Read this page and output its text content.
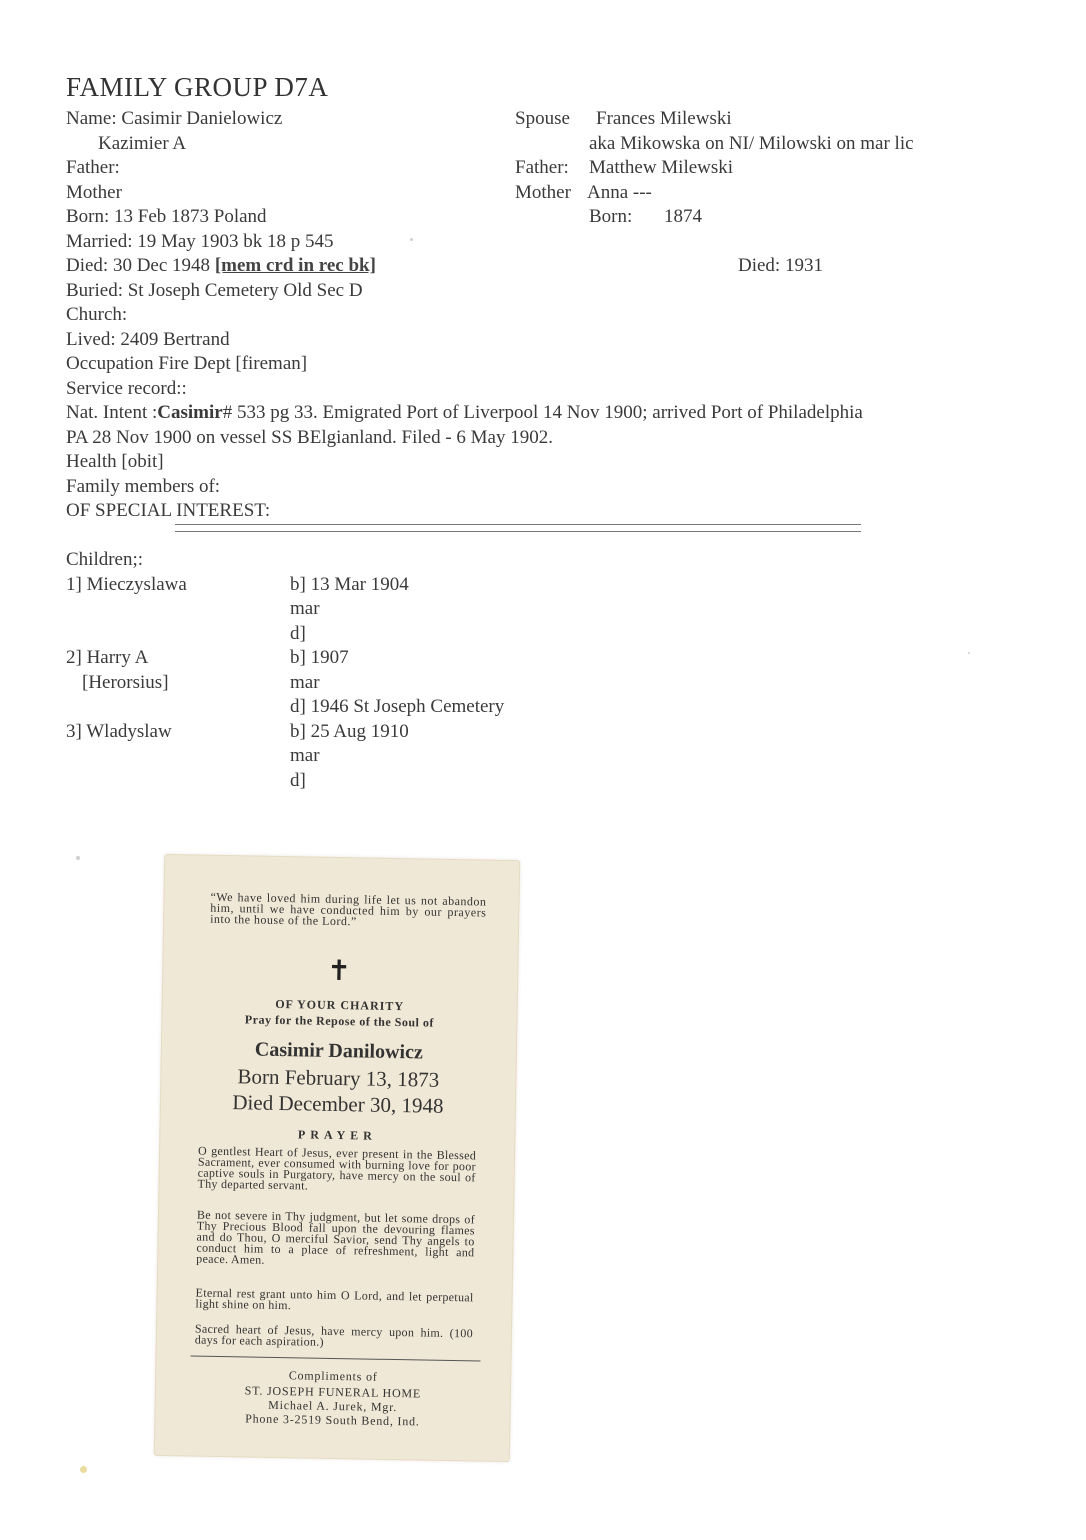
FAMILY GROUP D7A
Name: Casimir Danielowicz
Kazimier A
Father:
Mother
Born: 13 Feb 1873 Poland
Married: 19 May 1903 bk 18 p 545
Died: 30 Dec 1948 [mem crd in rec bk]
Buried: St Joseph Cemetery Old Sec D
Church:
Lived: 2409 Bertrand
Occupation Fire Dept [fireman]
Service record::
Nat. Intent :Casimir# 533 pg 33. Emigrated Port of Liverpool 14 Nov 1900; arrived Port of Philadelphia
PA 28 Nov 1900 on vessel SS BElgianland. Filed - 6 May 1902.
Health [obit]
Family members of:
OF SPECIAL INTEREST:
Spouse Frances Milewski
aka Mikowska on NI/ Milowski on mar lic
Father: Matthew Milewski
Mother Anna ---
Born: 1874
Died: 1931
Children;:
1] Mieczyslawa	b] 13 Mar 1904
mar
d]
2] Harry A
[Herorsius]
b] 1907
mar
d] 1946 St Joseph Cemetery
3] Wladyslaw	b] 25 Aug 1910
mar
d]
“We have loved him during life let us not abandon him, until we have conducted him by our prayers into the house of the Lord.”
✝
OF YOUR CHARITY
Pray for the Repose of the Soul of
Casimir Danilowicz
Born February 13, 1873
Died December 30, 1948
PRAYER
O gentlest Heart of Jesus, ever present in the Blessed Sacrament, ever consumed with burning love for poor captive souls in Purgatory, have mercy on the soul of Thy departed servant.
Be not severe in Thy judgment, but let some drops of Thy Precious Blood fall upon the devouring flames and do Thou, O merciful Savior, send Thy angels to conduct him to a place of refreshment, light and peace. Amen.
Eternal rest grant unto him O Lord, and let perpetual light shine on him.
Sacred heart of Jesus, have mercy upon him. (100 days for each aspiration.)
Compliments of
ST. JOSEPH FUNERAL HOME
Michael A. Jurek, Mgr.
Phone 3-2519 South Bend, Ind.
